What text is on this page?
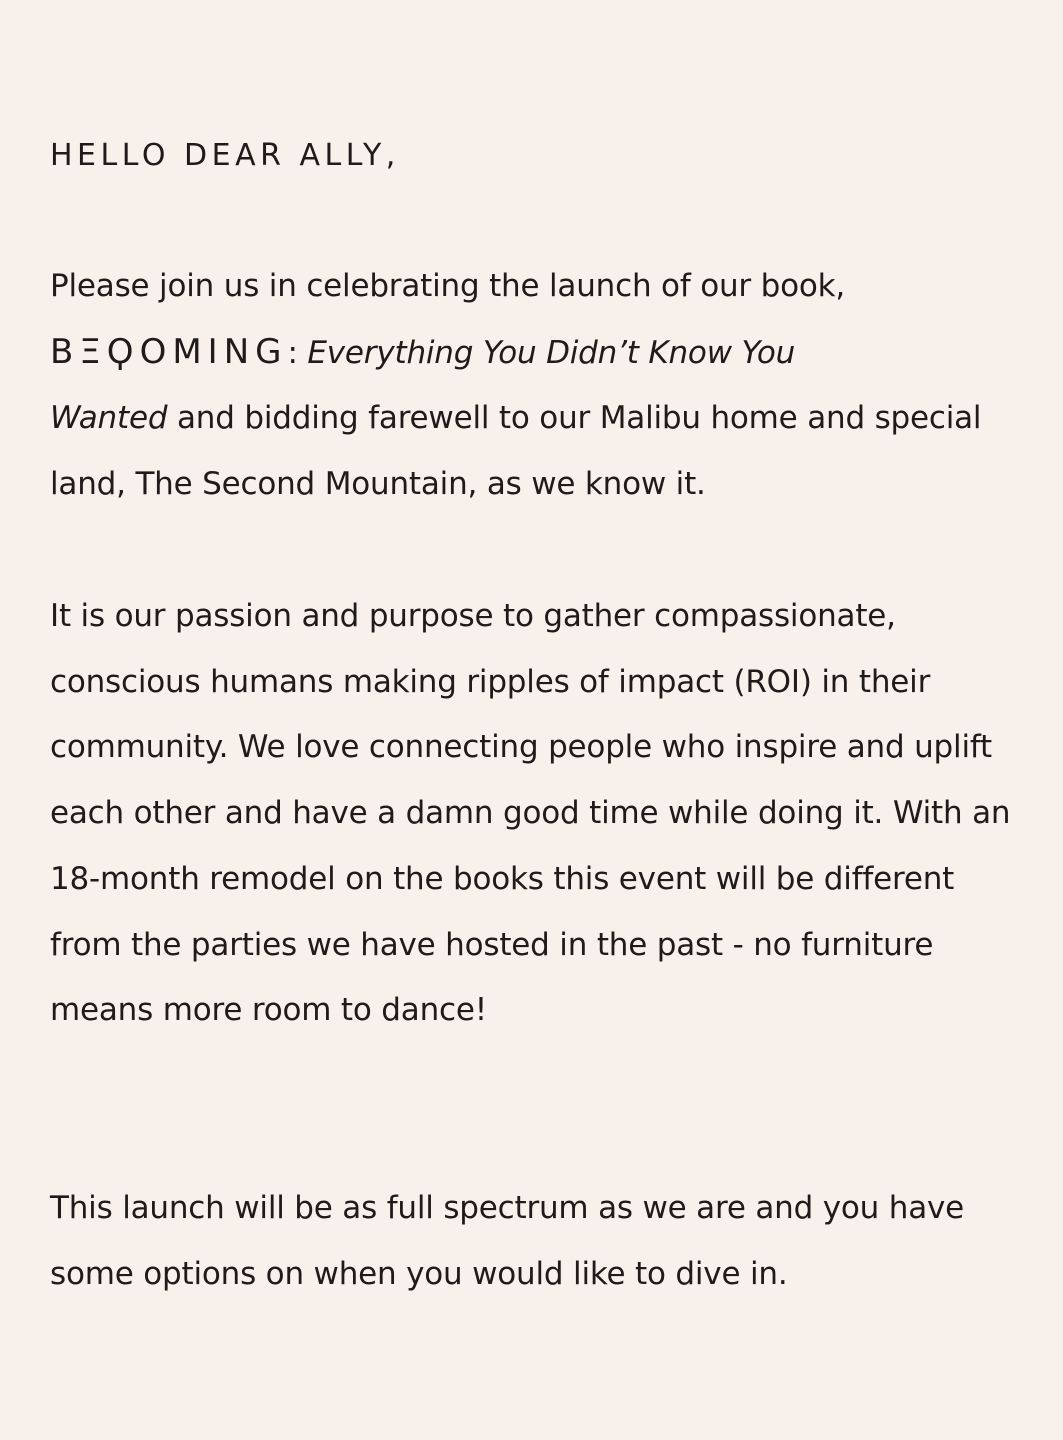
HELLO DEAR ALLY,

Please join us in celebrating the launch of our book,
BΞϘOMING: Everything You Didn’t Know You
Wanted and bidding farewell to our Malibu home and special land, The Second Mountain, as we know it.

It is our passion and purpose to gather compassionate, conscious humans making ripples of impact (ROI) in their community. We love connecting people who inspire and uplift each other and have a damn good time while doing it. With an 18-month remodel on the books this event will be different from the parties we have hosted in the past - no furniture means more room to dance!

This launch will be as full spectrum as we are and you have some options on when you would like to dive in.
